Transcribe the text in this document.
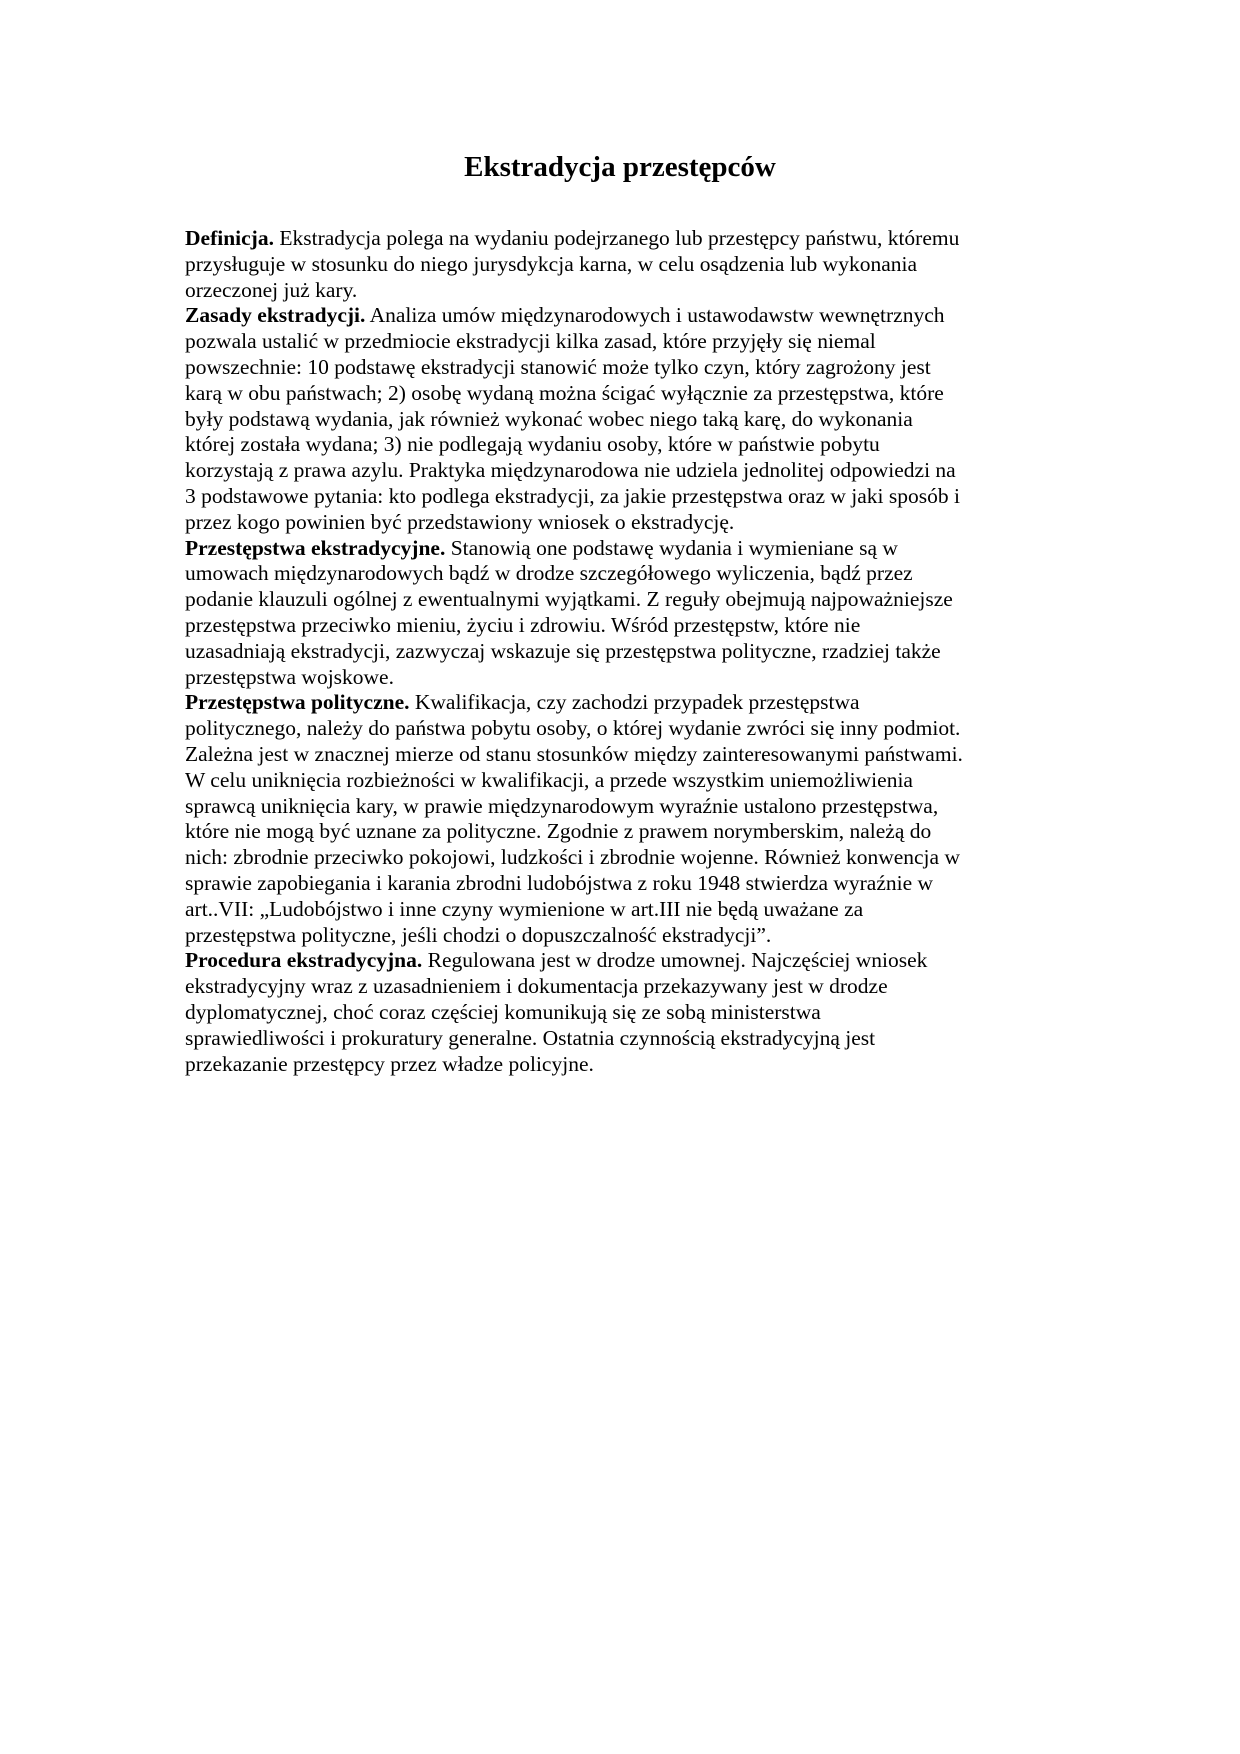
Ekstradycja przestępców
Definicja. Ekstradycja polega na wydaniu podejrzanego lub przestępcy państwu, któremu
przysługuje w stosunku do niego jurysdykcja karna, w celu osądzenia lub wykonania
orzeczonej już kary.
Zasady ekstradycji. Analiza umów międzynarodowych i ustawodawstw wewnętrznych
pozwala ustalić w przedmiocie ekstradycji kilka zasad, które przyjęły się niemal
powszechnie: 10 podstawę ekstradycji stanowić może tylko czyn, który zagrożony jest
karą w obu państwach; 2) osobę wydaną można ścigać wyłącznie za przestępstwa, które
były podstawą wydania, jak również wykonać wobec niego taką karę, do wykonania
której została wydana; 3) nie podlegają wydaniu osoby, które w państwie pobytu
korzystają z prawa azylu. Praktyka międzynarodowa nie udziela jednolitej odpowiedzi na
3 podstawowe pytania: kto podlega ekstradycji, za jakie przestępstwa oraz w jaki sposób i
przez kogo powinien być przedstawiony wniosek o ekstradycję.
Przestępstwa ekstradycyjne. Stanowią one podstawę wydania i wymieniane są w
umowach międzynarodowych bądź w drodze szczegółowego wyliczenia, bądź przez
podanie klauzuli ogólnej z ewentualnymi wyjątkami. Z reguły obejmują najpoważniejsze
przestępstwa przeciwko mieniu, życiu i zdrowiu. Wśród przestępstw, które nie
uzasadniają ekstradycji, zazwyczaj wskazuje się przestępstwa polityczne, rzadziej także
przestępstwa wojskowe.
Przestępstwa polityczne. Kwalifikacja, czy zachodzi przypadek przestępstwa
politycznego, należy do państwa pobytu osoby, o której wydanie zwróci się inny podmiot.
Zależna jest w znacznej mierze od stanu stosunków między zainteresowanymi państwami.
W celu uniknięcia rozbieżności w kwalifikacji, a przede wszystkim uniemożliwienia
sprawcą uniknięcia kary, w prawie międzynarodowym wyraźnie ustalono przestępstwa,
które nie mogą być uznane za polityczne. Zgodnie z prawem norymberskim, należą do
nich: zbrodnie przeciwko pokojowi, ludzkości i zbrodnie wojenne. Również konwencja w
sprawie zapobiegania i karania zbrodni ludobójstwa z roku 1948 stwierdza wyraźnie w
art..VII: „Ludobójstwo i inne czyny wymienione w art.III nie będą uważane za
przestępstwa polityczne, jeśli chodzi o dopuszczalność ekstradycji”.
Procedura ekstradycyjna. Regulowana jest w drodze umownej. Najczęściej wniosek
ekstradycyjny wraz z uzasadnieniem i dokumentacja przekazywany jest w drodze
dyplomatycznej, choć coraz częściej komunikują się ze sobą ministerstwa
sprawiedliwości i prokuratury generalne. Ostatnia czynnością ekstradycyjną jest
przekazanie przestępcy przez władze policyjne.
